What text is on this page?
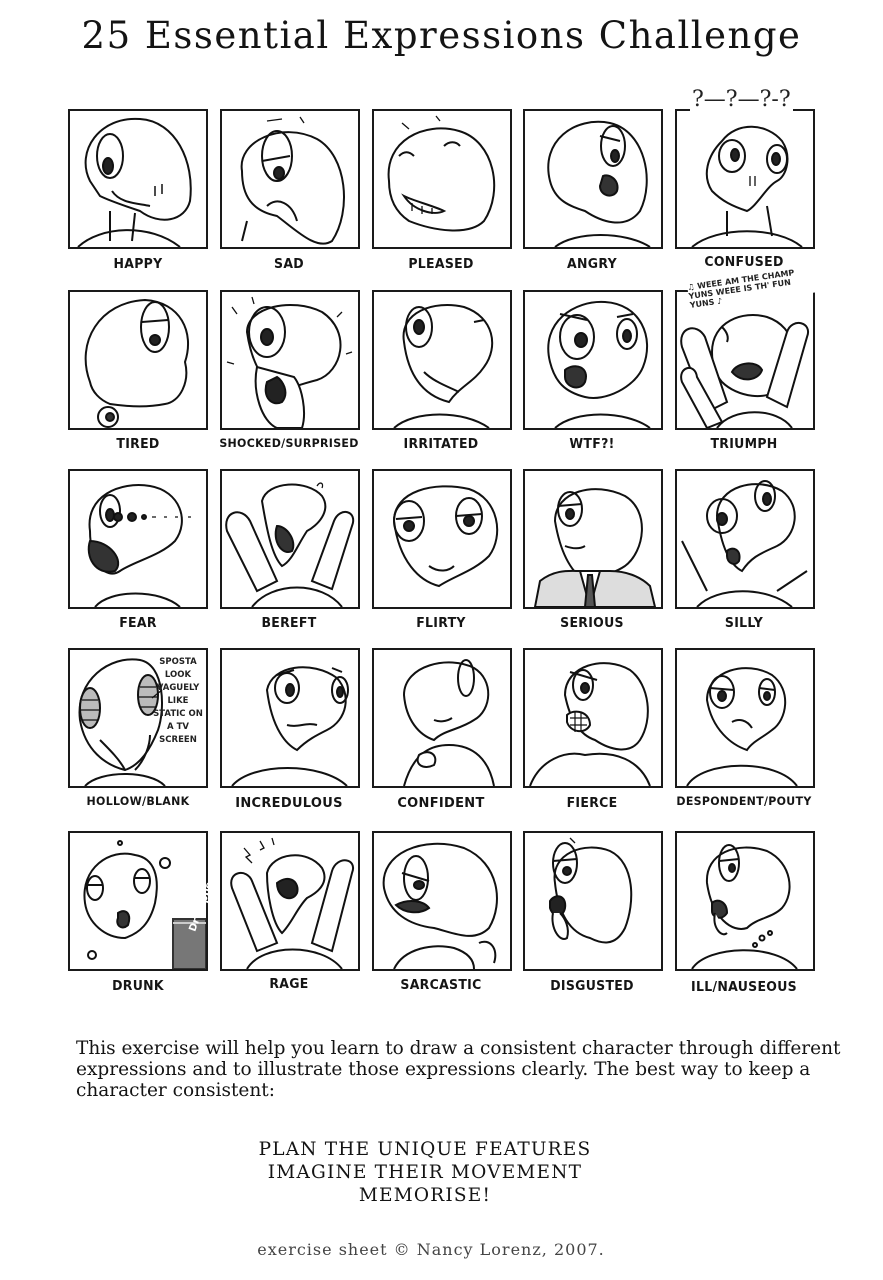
25 Essential Expressions Challenge
HAPPY	SAD	PLEASED	ANGRY
?—?—?-?
CONFUSED
TIRED	SHOCKED/SURPRISED	IRRITATED	WTF?!
♫ WEEE AM THE CHAMP YUNS WEEE IS TH' FUN YUNS ♪
TRIUMPH
FEAR	BEREFT	FLIRTY	SERIOUS	SILLY
SPOSTA LOOK VAGUELY LIKE STATIC ON A TV SCREEN
HOLLOW/BLANK	INCREDULOUS	CONFIDENT	FIERCE	DESPONDENT/POUTY
Dr Pepper
DRUNK	RAGE	SARCASTIC	DISGUSTED	ILL/NAUSEOUS
This exercise will help you learn to draw a consistent character through different expressions and to illustrate those expressions clearly. The best way to keep a character consistent:
PLAN THE UNIQUE FEATURES
IMAGINE THEIR MOVEMENT
MEMORISE!
exercise sheet © Nancy Lorenz, 2007.
